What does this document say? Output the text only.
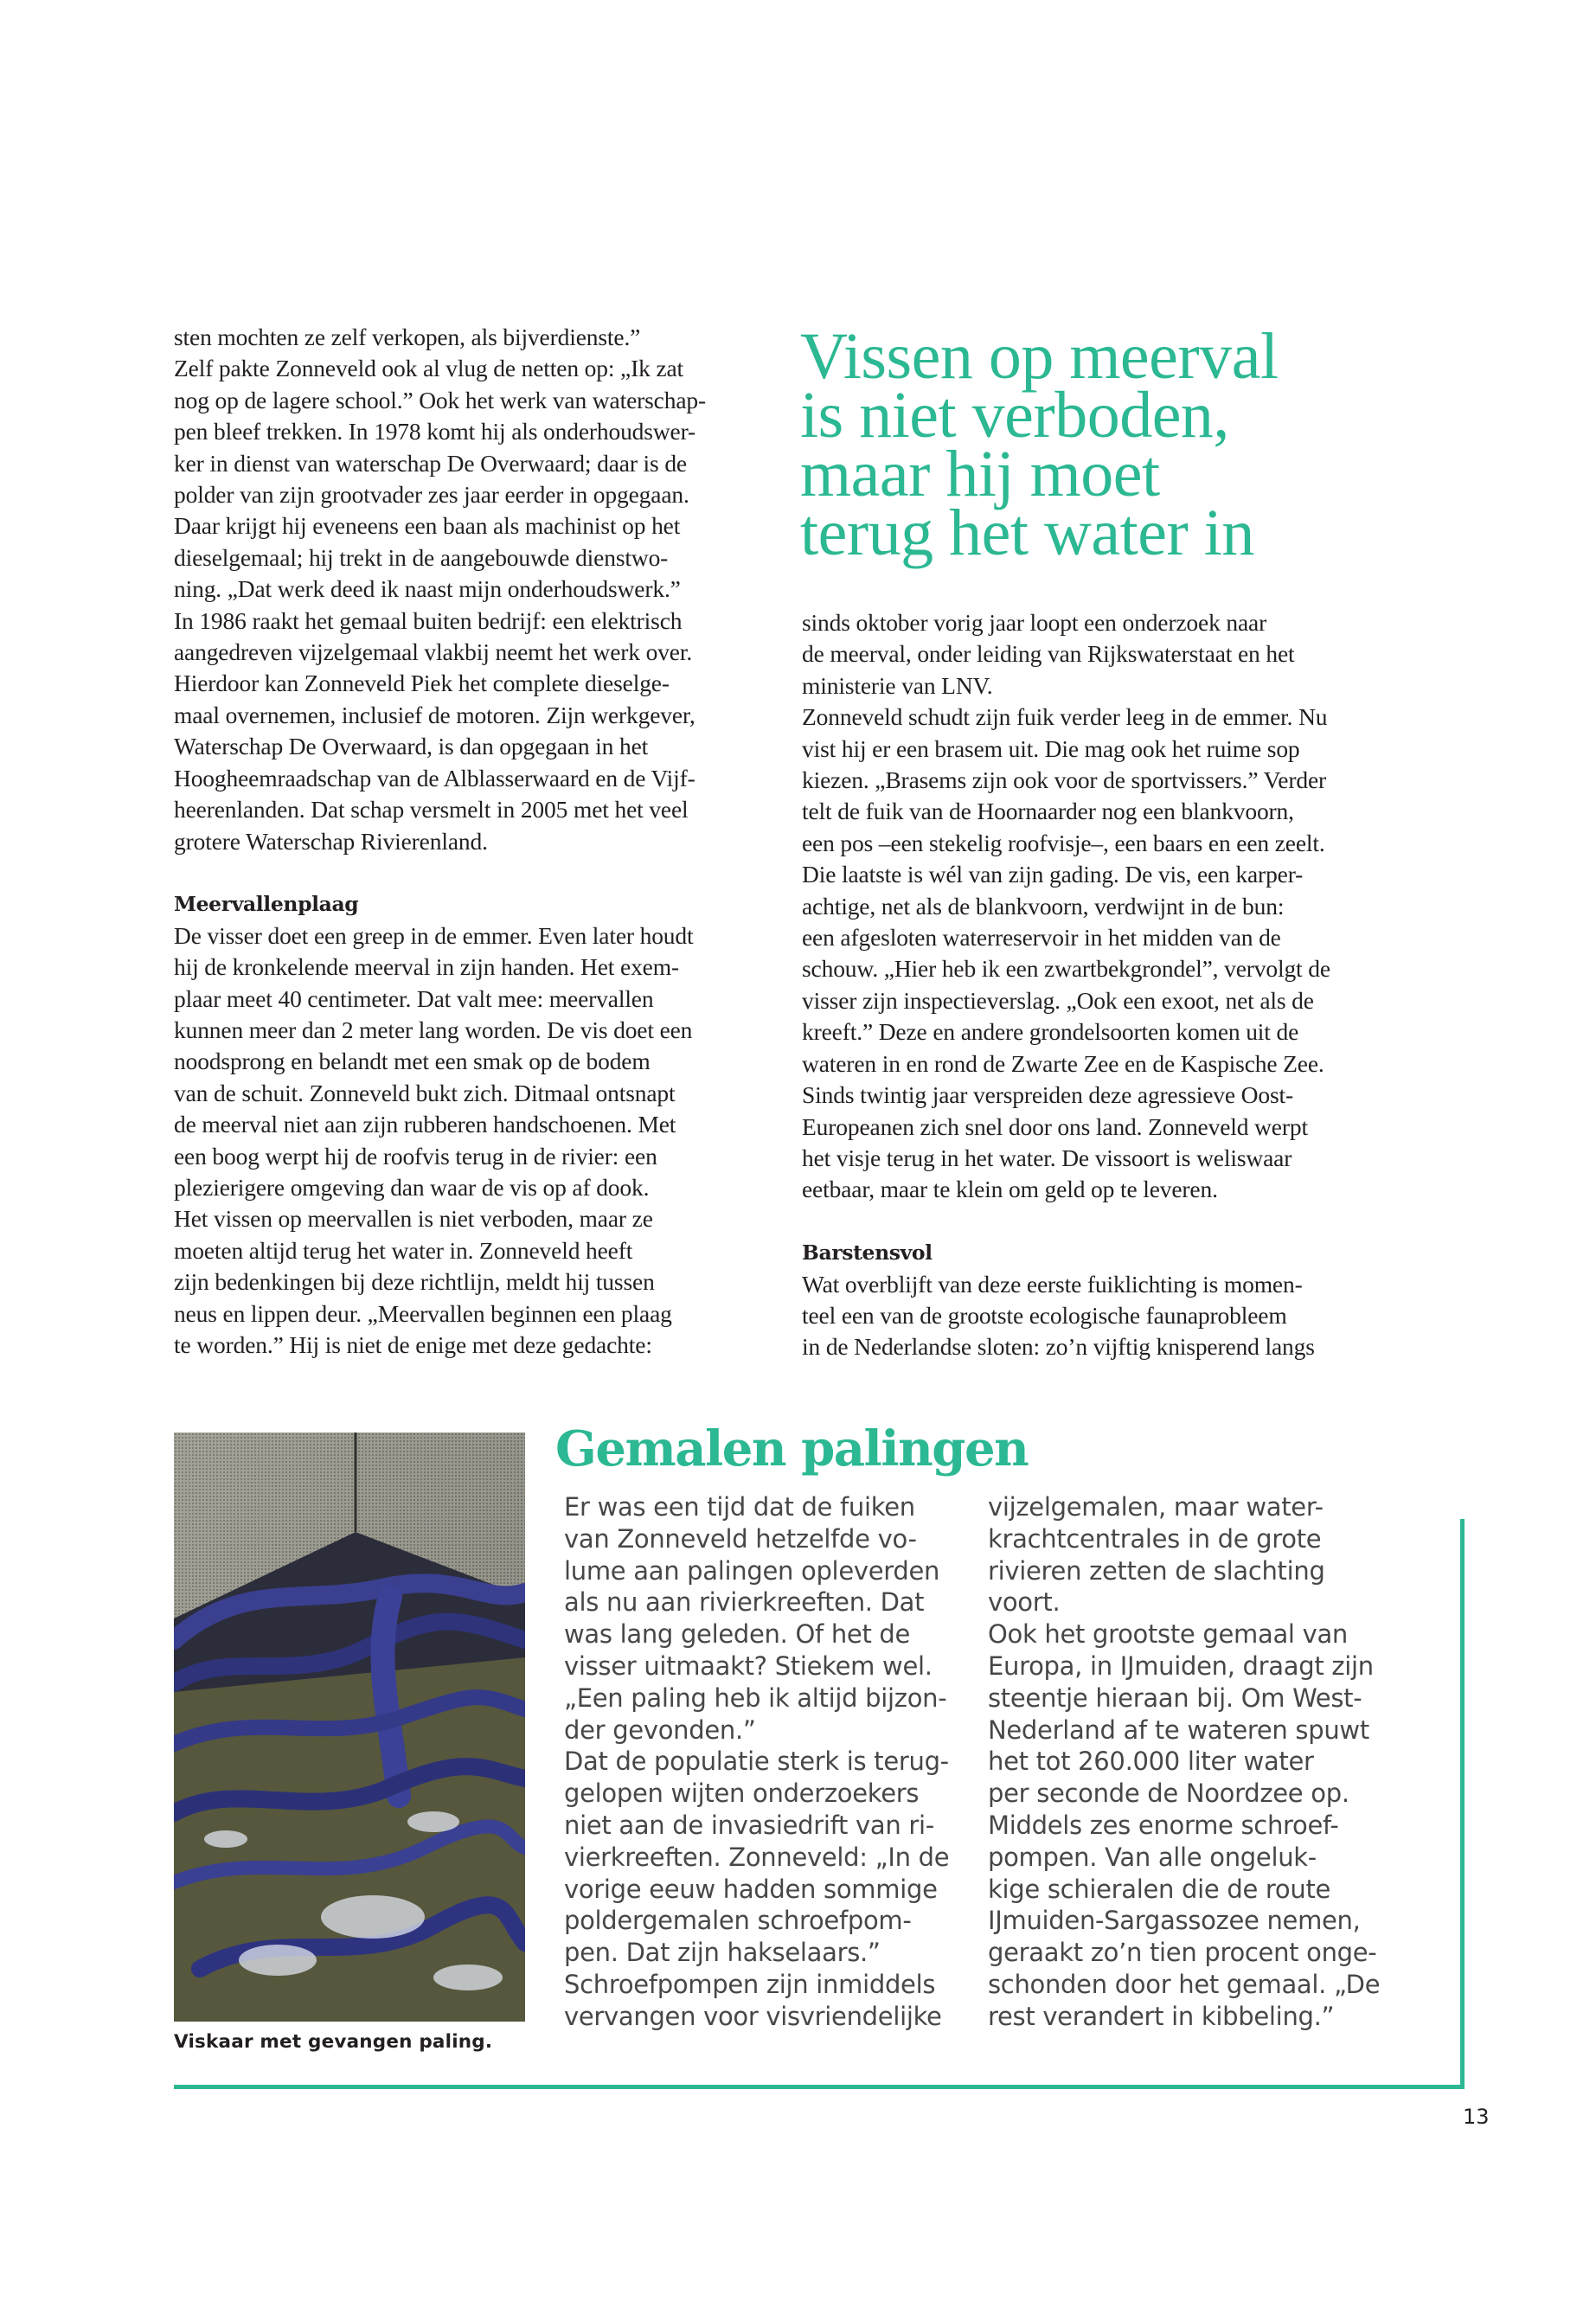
sten mochten ze zelf verkopen, als bijverdienste.”
Zelf pakte Zonneveld ook al vlug de netten op: „Ik zat
nog op de lagere school.” Ook het werk van waterschap-
pen bleef trekken. In 1978 komt hij als onderhoudswer-
ker in dienst van waterschap De Overwaard; daar is de
polder van zijn grootvader zes jaar eerder in opgegaan.
Daar krijgt hij eveneens een baan als machinist op het
dieselgemaal; hij trekt in de aangebouwde dienstwo-
ning. „Dat werk deed ik naast mijn onderhoudswerk.”
In 1986 raakt het gemaal buiten bedrijf: een elektrisch
aangedreven vijzelgemaal vlakbij neemt het werk over.
Hierdoor kan Zonneveld Piek het complete dieselge-
maal overnemen, inclusief de motoren. Zijn werkgever,
Waterschap De Overwaard, is dan opgegaan in het
Hoogheemraadschap van de Alblasserwaard en de Vijf-
heerenlanden. Dat schap versmelt in 2005 met het veel
grotere Waterschap Rivierenland.

Meervallenplaag

De visser doet een greep in de emmer. Even later houdt
hij de kronkelende meerval in zijn handen. Het exem-
plaar meet 40 centimeter. Dat valt mee: meervallen
kunnen meer dan 2 meter lang worden. De vis doet een
noodsprong en belandt met een smak op de bodem
van de schuit. Zonneveld bukt zich. Ditmaal ontsnapt
de meerval niet aan zijn rubberen handschoenen. Met
een boog werpt hij de roofvis terug in de rivier: een
plezierigere omgeving dan waar de vis op af dook.
Het vissen op meervallen is niet verboden, maar ze
moeten altijd terug het water in. Zonneveld heeft
zijn bedenkingen bij deze richtlijn, meldt hij tussen
neus en lippen deur. „Meervallen beginnen een plaag
te worden.” Hij is niet de enige met deze gedachte:

Vissen op meerval
is niet verboden,
maar hij moet
terug het water in

sinds oktober vorig jaar loopt een onderzoek naar
de meerval, onder leiding van Rijkswaterstaat en het
ministerie van LNV.
Zonneveld schudt zijn fuik verder leeg in de emmer. Nu
vist hij er een brasem uit. Die mag ook het ruime sop
kiezen. „Brasems zijn ook voor de sportvissers.” Verder
telt de fuik van de Hoornaarder nog een blankvoorn,
een pos –een stekelig roofvisje–, een baars en een zeelt.
Die laatste is wél van zijn gading. De vis, een karper-
achtige, net als de blankvoorn, verdwijnt in de bun:
een afgesloten waterreservoir in het midden van de
schouw. „Hier heb ik een zwartbekgrondel”, vervolgt de
visser zijn inspectieverslag. „Ook een exoot, net als de
kreeft.” Deze en andere grondelsoorten komen uit de
wateren in en rond de Zwarte Zee en de Kaspische Zee.
Sinds twintig jaar verspreiden deze agressieve Oost-
Europeanen zich snel door ons land. Zonneveld werpt
het visje terug in het water. De vissoort is weliswaar
eetbaar, maar te klein om geld op te leveren.

Barstensvol

Wat overblijft van deze eerste fuiklichting is momen-
teel een van de grootste ecologische faunaprobleem
in de Nederlandse sloten: zo’n vijftig knisperend langs

Viskaar met gevangen paling.
Gemalen palingen
Er was een tijd dat de fuiken
van Zonneveld hetzelfde vo-
lume aan palingen opleverden
als nu aan rivierkreeften. Dat
was lang geleden. Of het de
visser uitmaakt? Stiekem wel.
„Een paling heb ik altijd bijzon-
der gevonden.”
Dat de populatie sterk is terug-
gelopen wijten onderzoekers
niet aan de invasiedrift van ri-
vierkreeften. Zonneveld: „In de
vorige eeuw hadden sommige
poldergemalen schroefpom-
pen. Dat zijn hakselaars.”
Schroefpompen zijn inmiddels
vervangen voor visvriendelijke
vijzelgemalen, maar water-
krachtcentrales in de grote
rivieren zetten de slachting
voort.
Ook het grootste gemaal van
Europa, in IJmuiden, draagt zijn
steentje hieraan bij. Om West-
Nederland af te wateren spuwt
het tot 260.000 liter water
per seconde de Noordzee op.
Middels zes enorme schroef-
pompen. Van alle ongeluk-
kige schieralen die de route
IJmuiden-Sargassozee nemen,
geraakt zo’n tien procent onge-
schonden door het gemaal. „De
rest verandert in kibbeling.”
13
